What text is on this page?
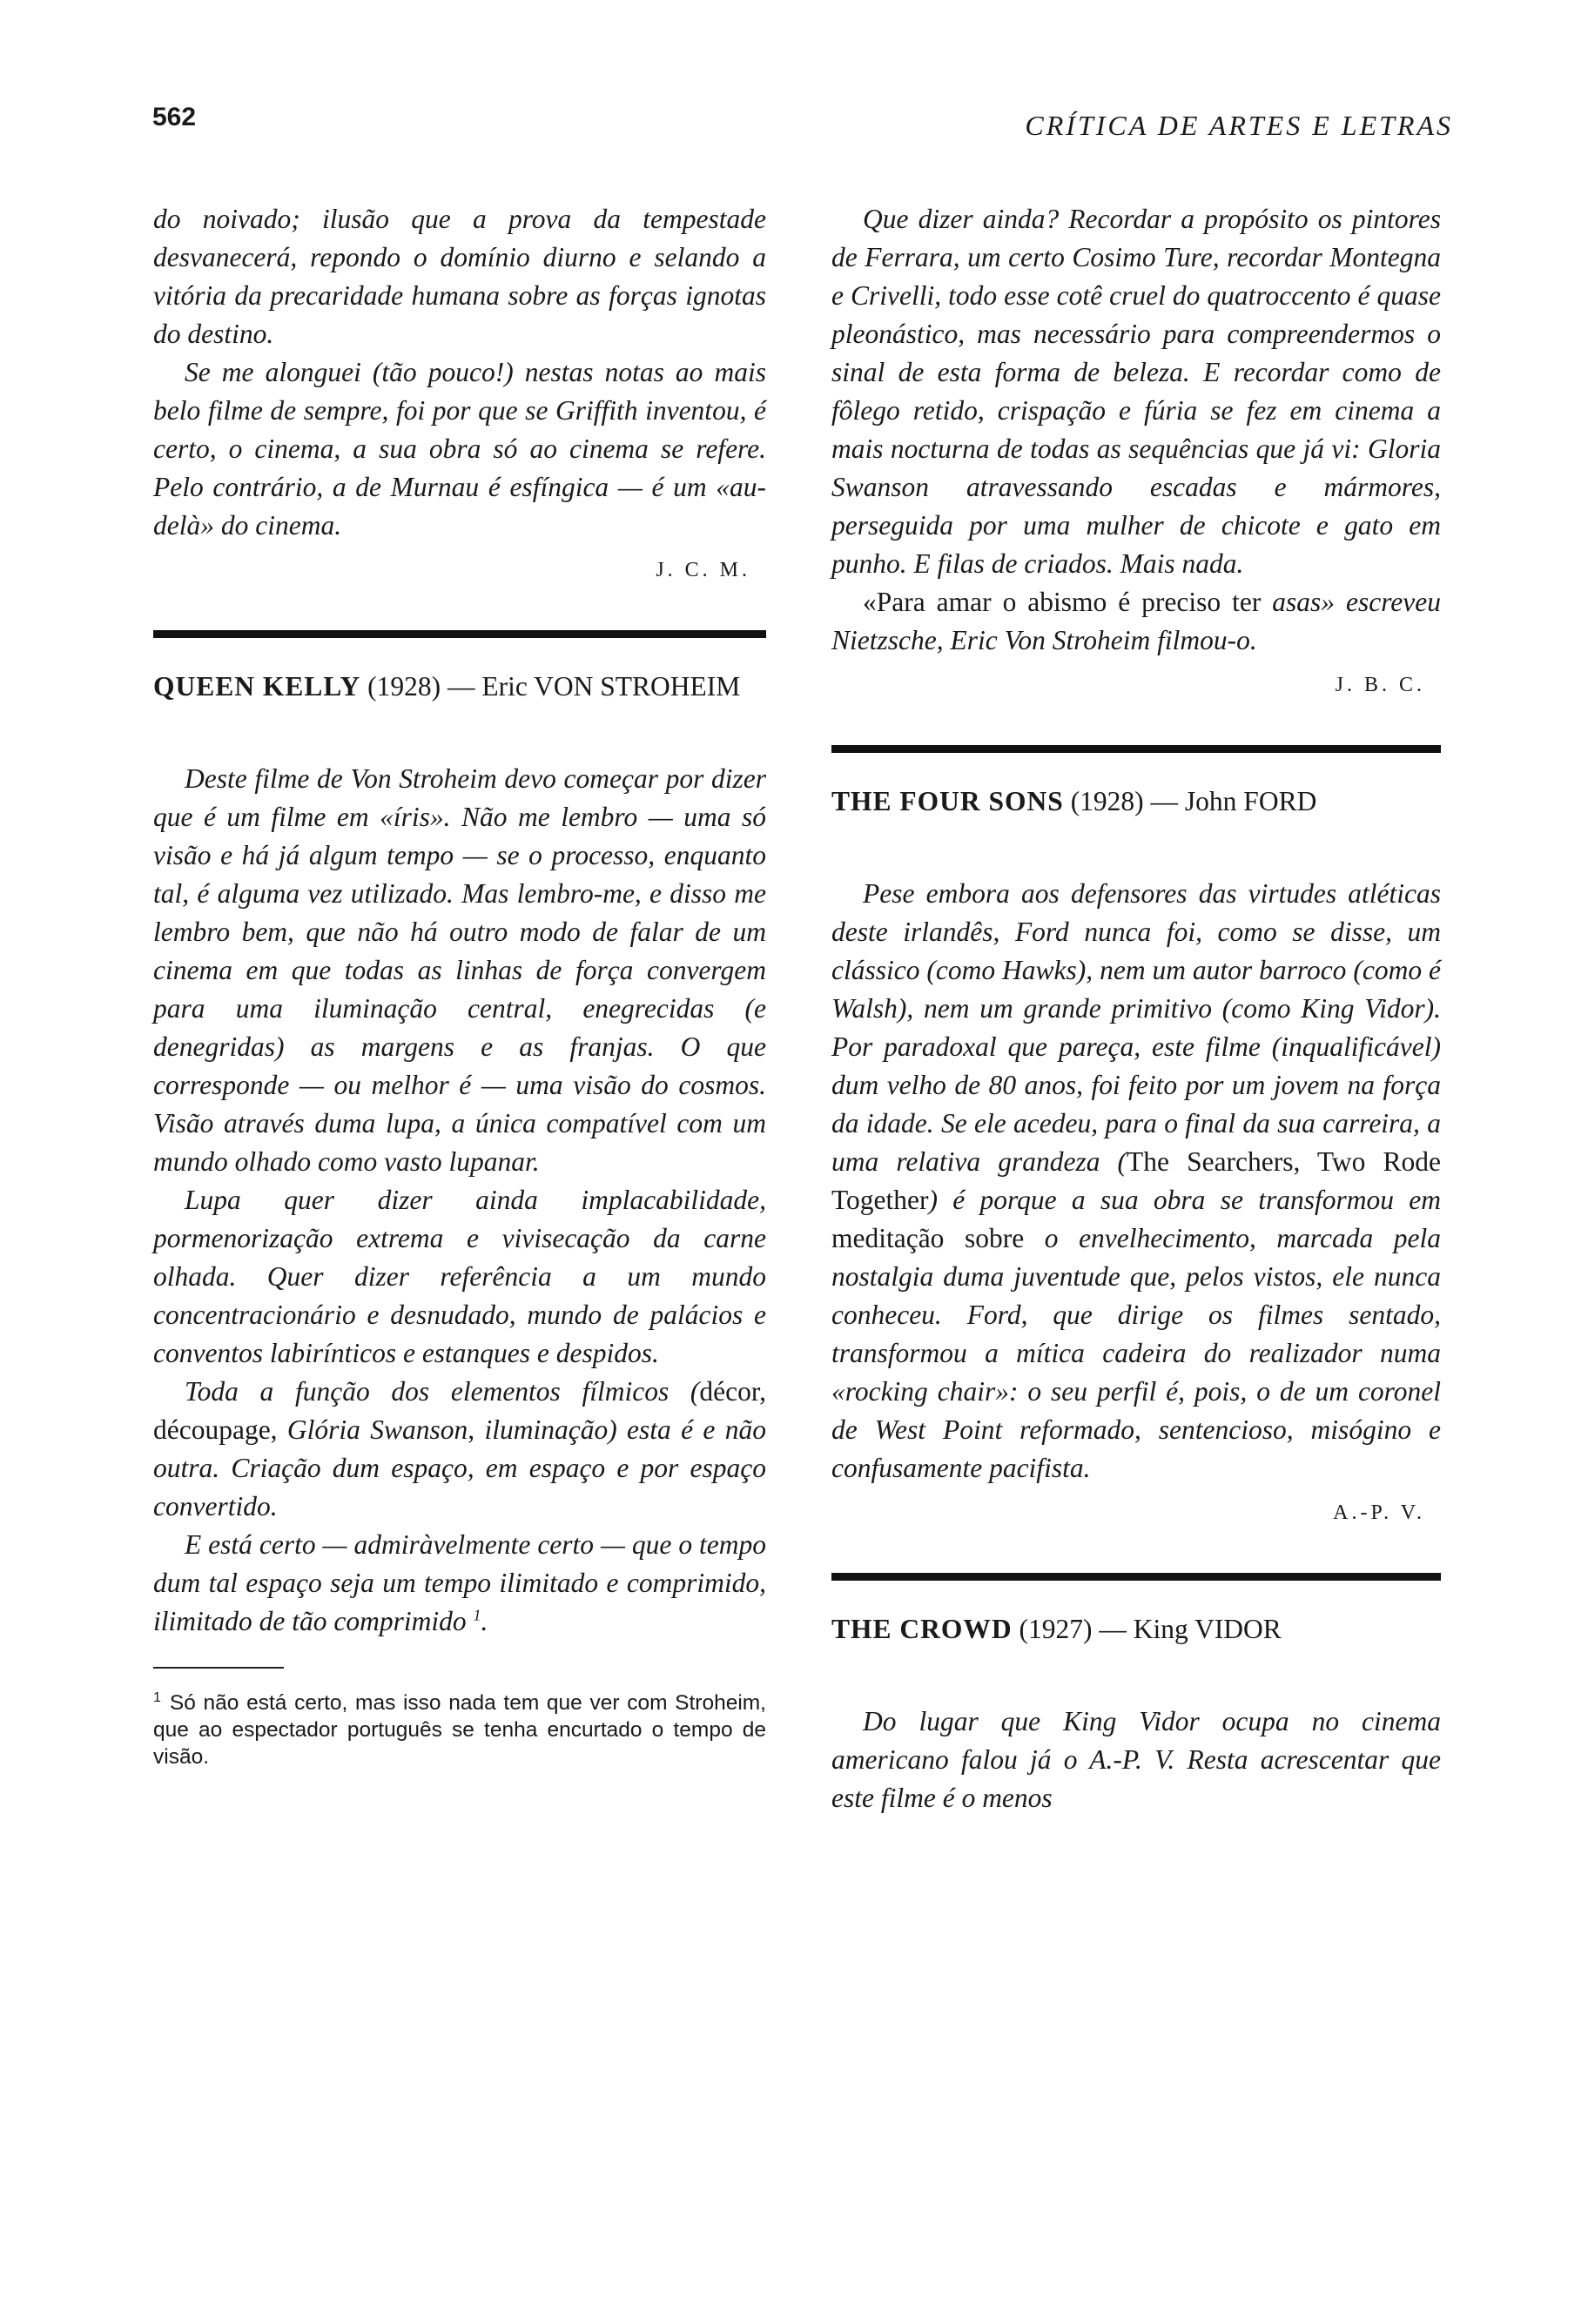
562	CRÍTICA DE ARTES E LETRAS

do noivado; ilusão que a prova da tempestade desvanecerá, repondo o domínio diurno e selando a vitória da precaridade humana sobre as forças ignotas do destino.

Se me alonguei (tão pouco!) nestas notas ao mais belo filme de sempre, foi por que se Griffith inventou, é certo, o cinema, a sua obra só ao cinema se refere. Pelo contrário, a de Murnau é esfíngica — é um «au-delà» do cinema.

J. C. M.
QUEEN KELLY (1928) — Eric VON STROHEIM

Deste filme de Von Stroheim devo começar por dizer que é um filme em «íris». Não me lembro — uma só visão e há já algum tempo — se o processo, enquanto tal, é alguma vez utilizado. Mas lembro-me, e disso me lembro bem, que não há outro modo de falar de um cinema em que todas as linhas de força convergem para uma iluminação central, enegrecidas (e denegridas) as margens e as franjas. O que corresponde — ou melhor é — uma visão do cosmos. Visão através duma lupa, a única compatível com um mundo olhado como vasto lupanar.

Lupa quer dizer ainda implacabilidade, pormenorização extrema e vivisecação da carne olhada. Quer dizer referência a um mundo concentracionário e desnudado, mundo de palácios e conventos labirínticos e estanques e despidos.

Toda a função dos elementos fílmicos (décor, découpage, Glória Swanson, iluminação) esta é e não outra. Criação dum espaço, em espaço e por espaço convertido.

E está certo — admiràvelmente certo — que o tempo dum tal espaço seja um tempo ilimitado e comprimido, ilimitado de tão comprimido $^1$.

$^1$ Só não está certo, mas isso nada tem que ver com Stroheim, que ao espectador português se tenha encurtado o tempo de visão.

Que dizer ainda? Recordar a propósito os pintores de Ferrara, um certo Cosimo Ture, recordar Montegna e Crivelli, todo esse cotê cruel do quatroccento é quase pleonástico, mas necessário para compreendermos o sinal de esta forma de beleza. E recordar como de fôlego retido, crispação e fúria se fez em cinema a mais nocturna de todas as sequências que já vi: Gloria Swanson atravessando escadas e mármores, perseguida por uma mulher de chicote e gato em punho. E filas de criados. Mais nada.

«Para amar o abismo é preciso ter asas» escreveu Nietzsche, Eric Von Stroheim filmou-o.

J. B. C.
THE FOUR SONS (1928) — John FORD

Pese embora aos defensores das virtudes atléticas deste irlandês, Ford nunca foi, como se disse, um clássico (como Hawks), nem um autor barroco (como é Walsh), nem um grande primitivo (como King Vidor). Por paradoxal que pareça, este filme (inqualificável) dum velho de 80 anos, foi feito por um jovem na força da idade. Se ele acedeu, para o final da sua carreira, a uma relativa grandeza (The Searchers, Two Rode Together) é porque a sua obra se transformou em meditação sobre o envelhecimento, marcada pela nostalgia duma juventude que, pelos vistos, ele nunca conheceu. Ford, que dirige os filmes sentado, transformou a mítica cadeira do realizador numa «rocking chair»: o seu perfil é, pois, o de um coronel de West Point reformado, sentencioso, misógino e confusamente pacifista.

A.-P. V.
THE CROWD (1927) — King VIDOR

Do lugar que King Vidor ocupa no cinema americano falou já o A.-P. V. Resta acrescentar que este filme é o menos
